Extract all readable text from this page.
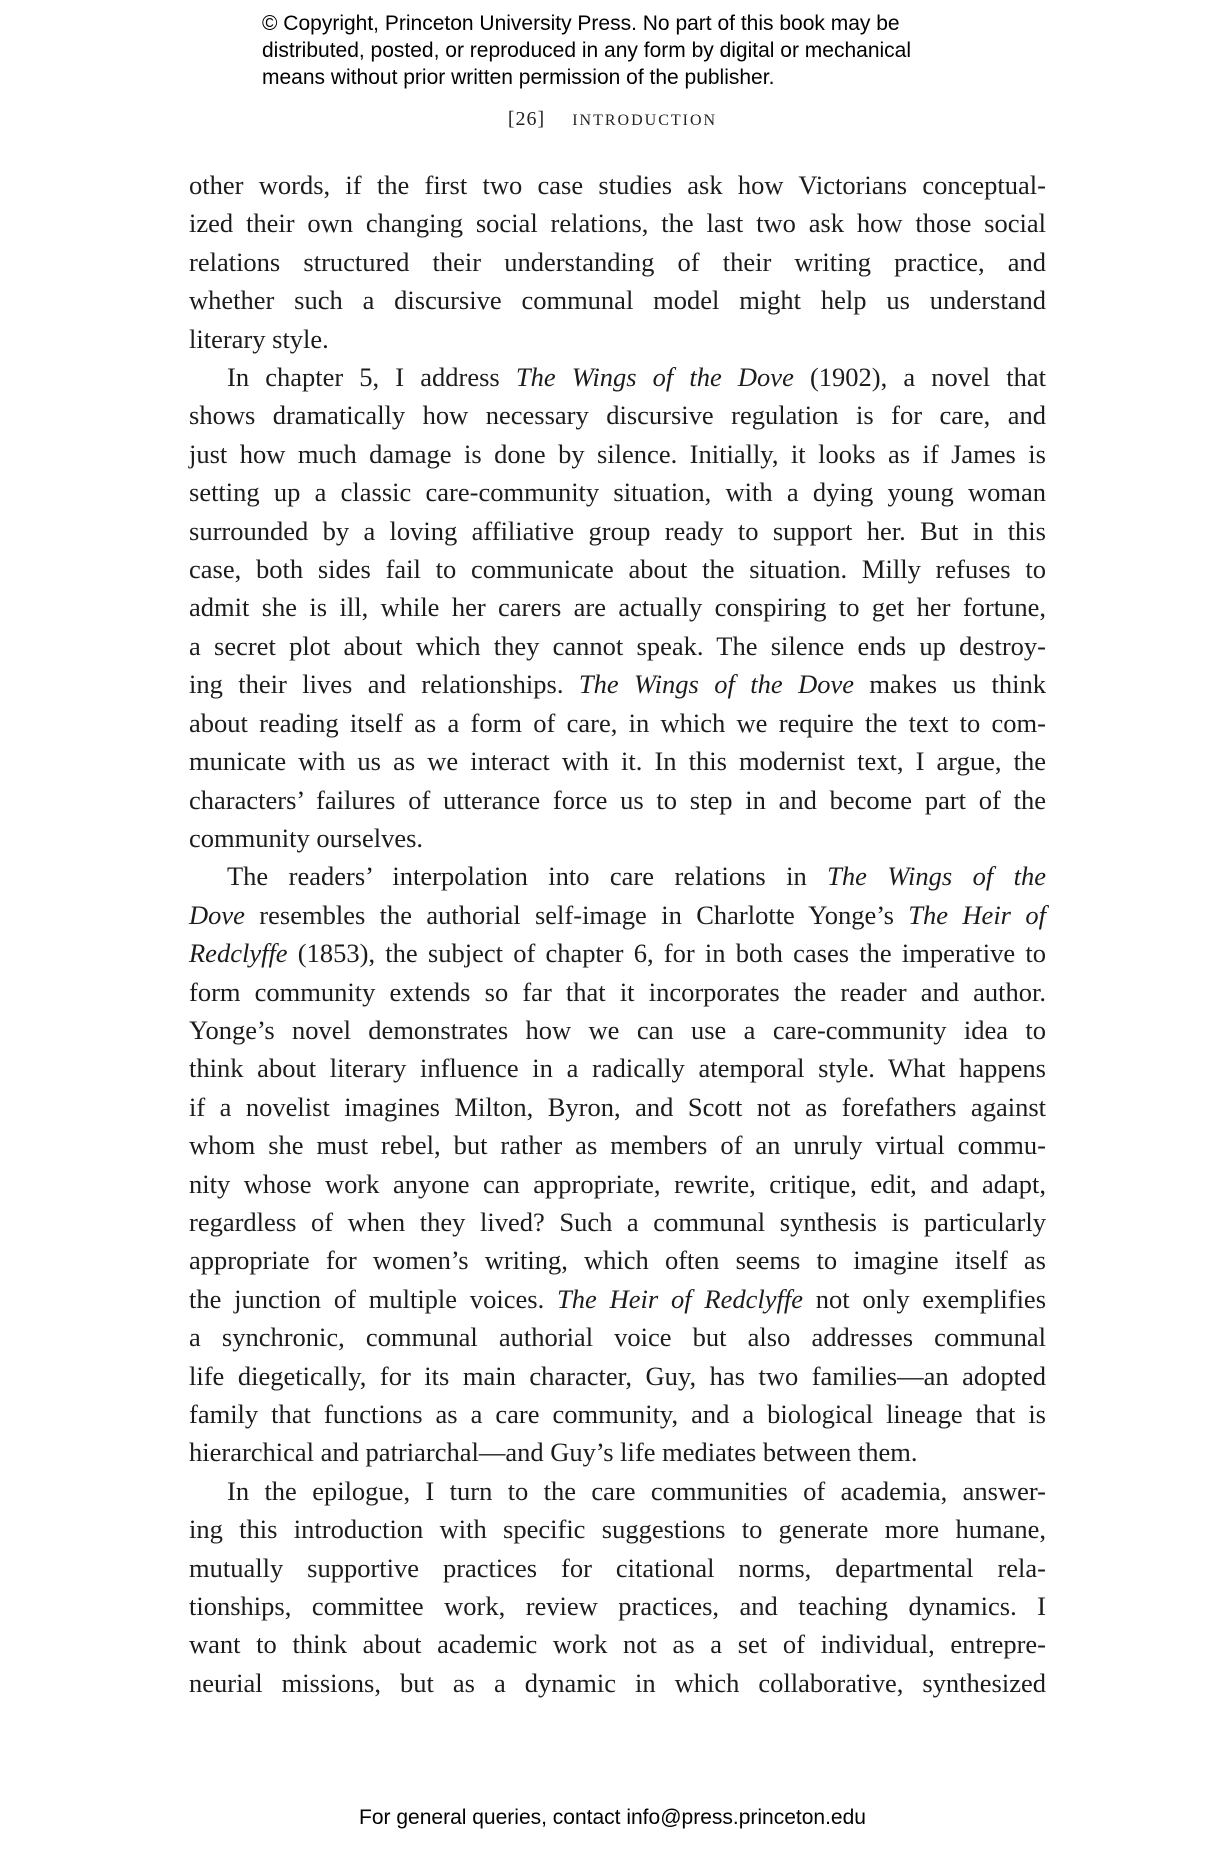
© Copyright, Princeton University Press. No part of this book may be
distributed, posted, or reproduced in any form by digital or mechanical
means without prior written permission of the publisher.
[26] introduction
other words, if the first two case studies ask how Victorians conceptual-
ized their own changing social relations, the last two ask how those social
relations structured their understanding of their writing practice, and
whether such a discursive communal model might help us understand
literary style.
In chapter 5, I address The Wings of the Dove (1902), a novel that
shows dramatically how necessary discursive regulation is for care, and
just how much damage is done by silence. Initially, it looks as if James is
setting up a classic care-community situation, with a dying young woman
surrounded by a loving affiliative group ready to support her. But in this
case, both sides fail to communicate about the situation. Milly refuses to
admit she is ill, while her carers are actually conspiring to get her fortune,
a secret plot about which they cannot speak. The silence ends up destroy-
ing their lives and relationships. The Wings of the Dove makes us think
about reading itself as a form of care, in which we require the text to com-
municate with us as we interact with it. In this modernist text, I argue, the
characters’ failures of utterance force us to step in and become part of the
community ourselves.
The readers’ interpolation into care relations in The Wings of the
Dove resembles the authorial self-image in Charlotte Yonge’s The Heir of
Redclyffe (1853), the subject of chapter 6, for in both cases the imperative to
form community extends so far that it incorporates the reader and author.
Yonge’s novel demonstrates how we can use a care-community idea to
think about literary influence in a radically atemporal style. What happens
if a novelist imagines Milton, Byron, and Scott not as forefathers against
whom she must rebel, but rather as members of an unruly virtual commu-
nity whose work anyone can appropriate, rewrite, critique, edit, and adapt,
regardless of when they lived? Such a communal synthesis is particularly
appropriate for women’s writing, which often seems to imagine itself as
the junction of multiple voices. The Heir of Redclyffe not only exemplifies
a synchronic, communal authorial voice but also addresses communal
life diegetically, for its main character, Guy, has two families—an adopted
family that functions as a care community, and a biological lineage that is
hierarchical and patriarchal—and Guy’s life mediates between them.
In the epilogue, I turn to the care communities of academia, answer-
ing this introduction with specific suggestions to generate more humane,
mutually supportive practices for citational norms, departmental rela-
tionships, committee work, review practices, and teaching dynamics. I
want to think about academic work not as a set of individual, entrepre-
neurial missions, but as a dynamic in which collaborative, synthesized
For general queries, contact info@press.princeton.edu
